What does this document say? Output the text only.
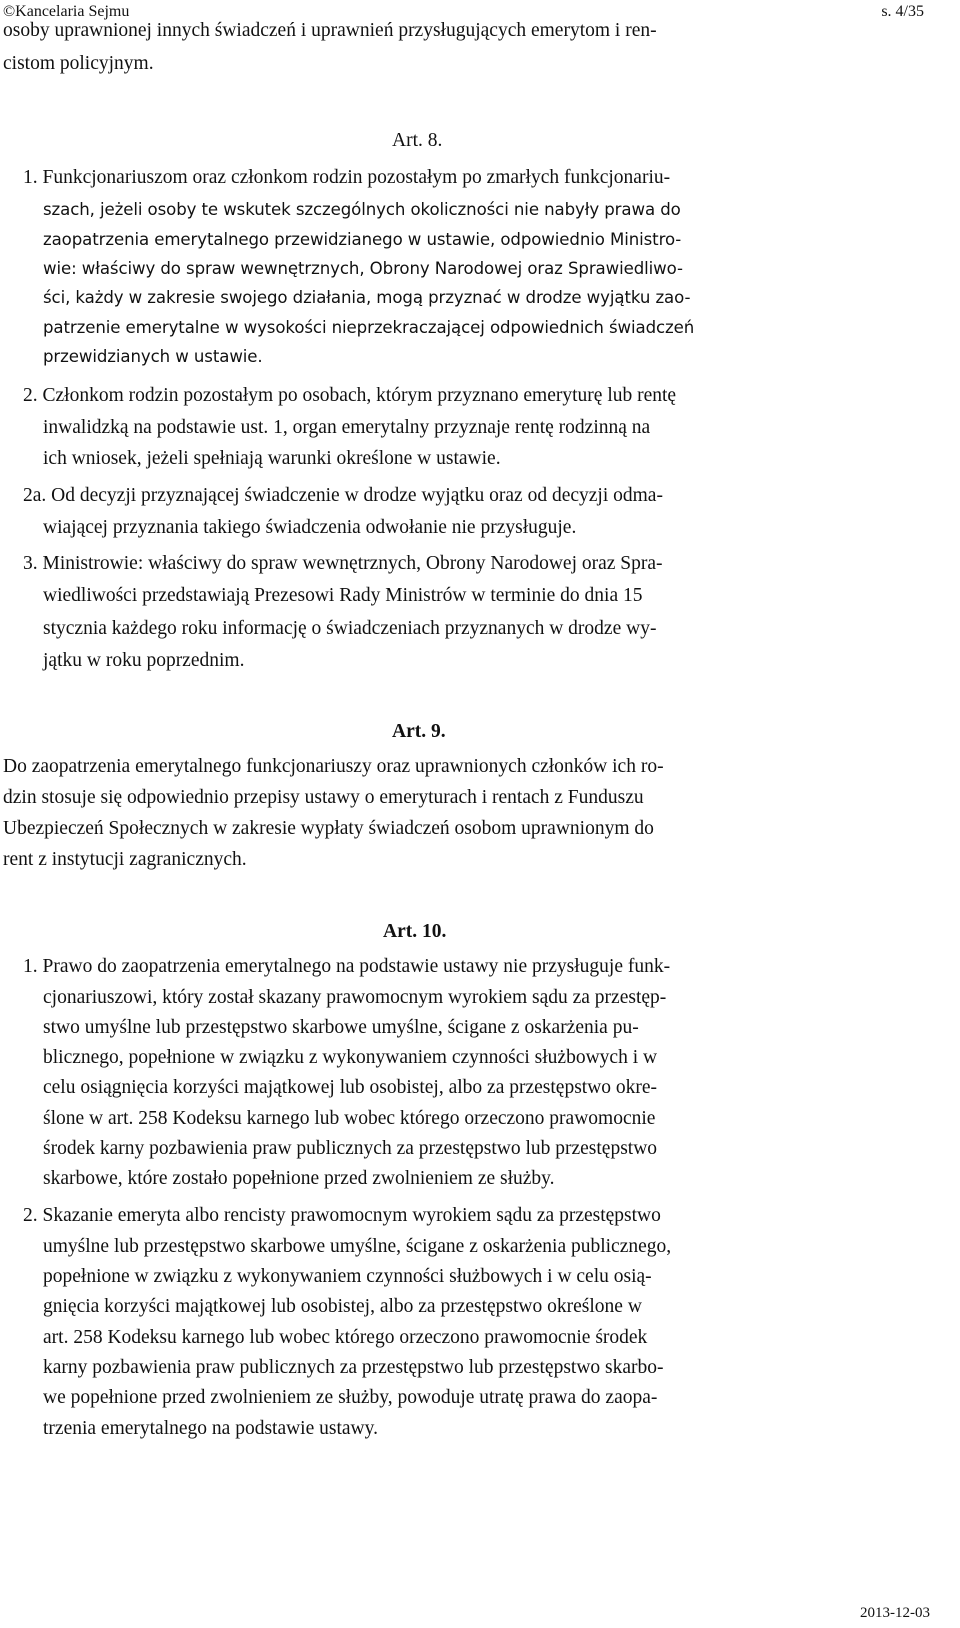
©Kancelaria Sejmu	s. 4/35
osoby uprawnionej innych świadczeń i uprawnień przysługujących emerytom i ren-
cistom policyjnym.
Art. 8.
1. Funkcjonariuszom oraz członkom rodzin pozostałym po zmarłych funkcjonariu-
szach, jeżeli osoby te wskutek szczególnych okoliczności nie nabyły prawa do
zaopatrzenia emerytalnego przewidzianego w ustawie, odpowiednio Ministro-
wie: właściwy do spraw wewnętrznych, Obrony Narodowej oraz Sprawiedliwo-
ści, każdy w zakresie swojego działania, mogą przyznać w drodze wyjątku zao-
patrzenie emerytalne w wysokości nieprzekraczającej odpowiednich świadczeń
przewidzianych w ustawie.
2. Członkom rodzin pozostałym po osobach, którym przyznano emeryturę lub rentę
inwalidzką na podstawie ust. 1, organ emerytalny przyznaje rentę rodzinną na
ich wniosek, jeżeli spełniają warunki określone w ustawie.
2a. Od decyzji przyznającej świadczenie w drodze wyjątku oraz od decyzji odma-
wiającej przyznania takiego świadczenia odwołanie nie przysługuje.
3. Ministrowie: właściwy do spraw wewnętrznych, Obrony Narodowej oraz Spra-
wiedliwości przedstawiają Prezesowi Rady Ministrów w terminie do dnia 15
stycznia każdego roku informację o świadczeniach przyznanych w drodze wy-
jątku w roku poprzednim.
Art. 9.
Do zaopatrzenia emerytalnego funkcjonariuszy oraz uprawnionych członków ich ro-
dzin stosuje się odpowiednio przepisy ustawy o emeryturach i rentach z Funduszu
Ubezpieczeń Społecznych w zakresie wypłaty świadczeń osobom uprawnionym do
rent z instytucji zagranicznych.
Art. 10.
1. Prawo do zaopatrzenia emerytalnego na podstawie ustawy nie przysługuje funk-
cjonariuszowi, który został skazany prawomocnym wyrokiem sądu za przestęp-
stwo umyślne lub przestępstwo skarbowe umyślne, ścigane z oskarżenia pu-
blicznego, popełnione w związku z wykonywaniem czynności służbowych i w
celu osiągnięcia korzyści majątkowej lub osobistej, albo za przestępstwo okre-
ślone w art. 258 Kodeksu karnego lub wobec którego orzeczono prawomocnie
środek karny pozbawienia praw publicznych za przestępstwo lub przestępstwo
skarbowe, które zostało popełnione przed zwolnieniem ze służby.
2. Skazanie emeryta albo rencisty prawomocnym wyrokiem sądu za przestępstwo
umyślne lub przestępstwo skarbowe umyślne, ścigane z oskarżenia publicznego,
popełnione w związku z wykonywaniem czynności służbowych i w celu osią-
gnięcia korzyści majątkowej lub osobistej, albo za przestępstwo określone w
art. 258 Kodeksu karnego lub wobec którego orzeczono prawomocnie środek
karny pozbawienia praw publicznych za przestępstwo lub przestępstwo skarbo-
we popełnione przed zwolnieniem ze służby, powoduje utratę prawa do zaopa-
trzenia emerytalnego na podstawie ustawy.
2013-12-03
